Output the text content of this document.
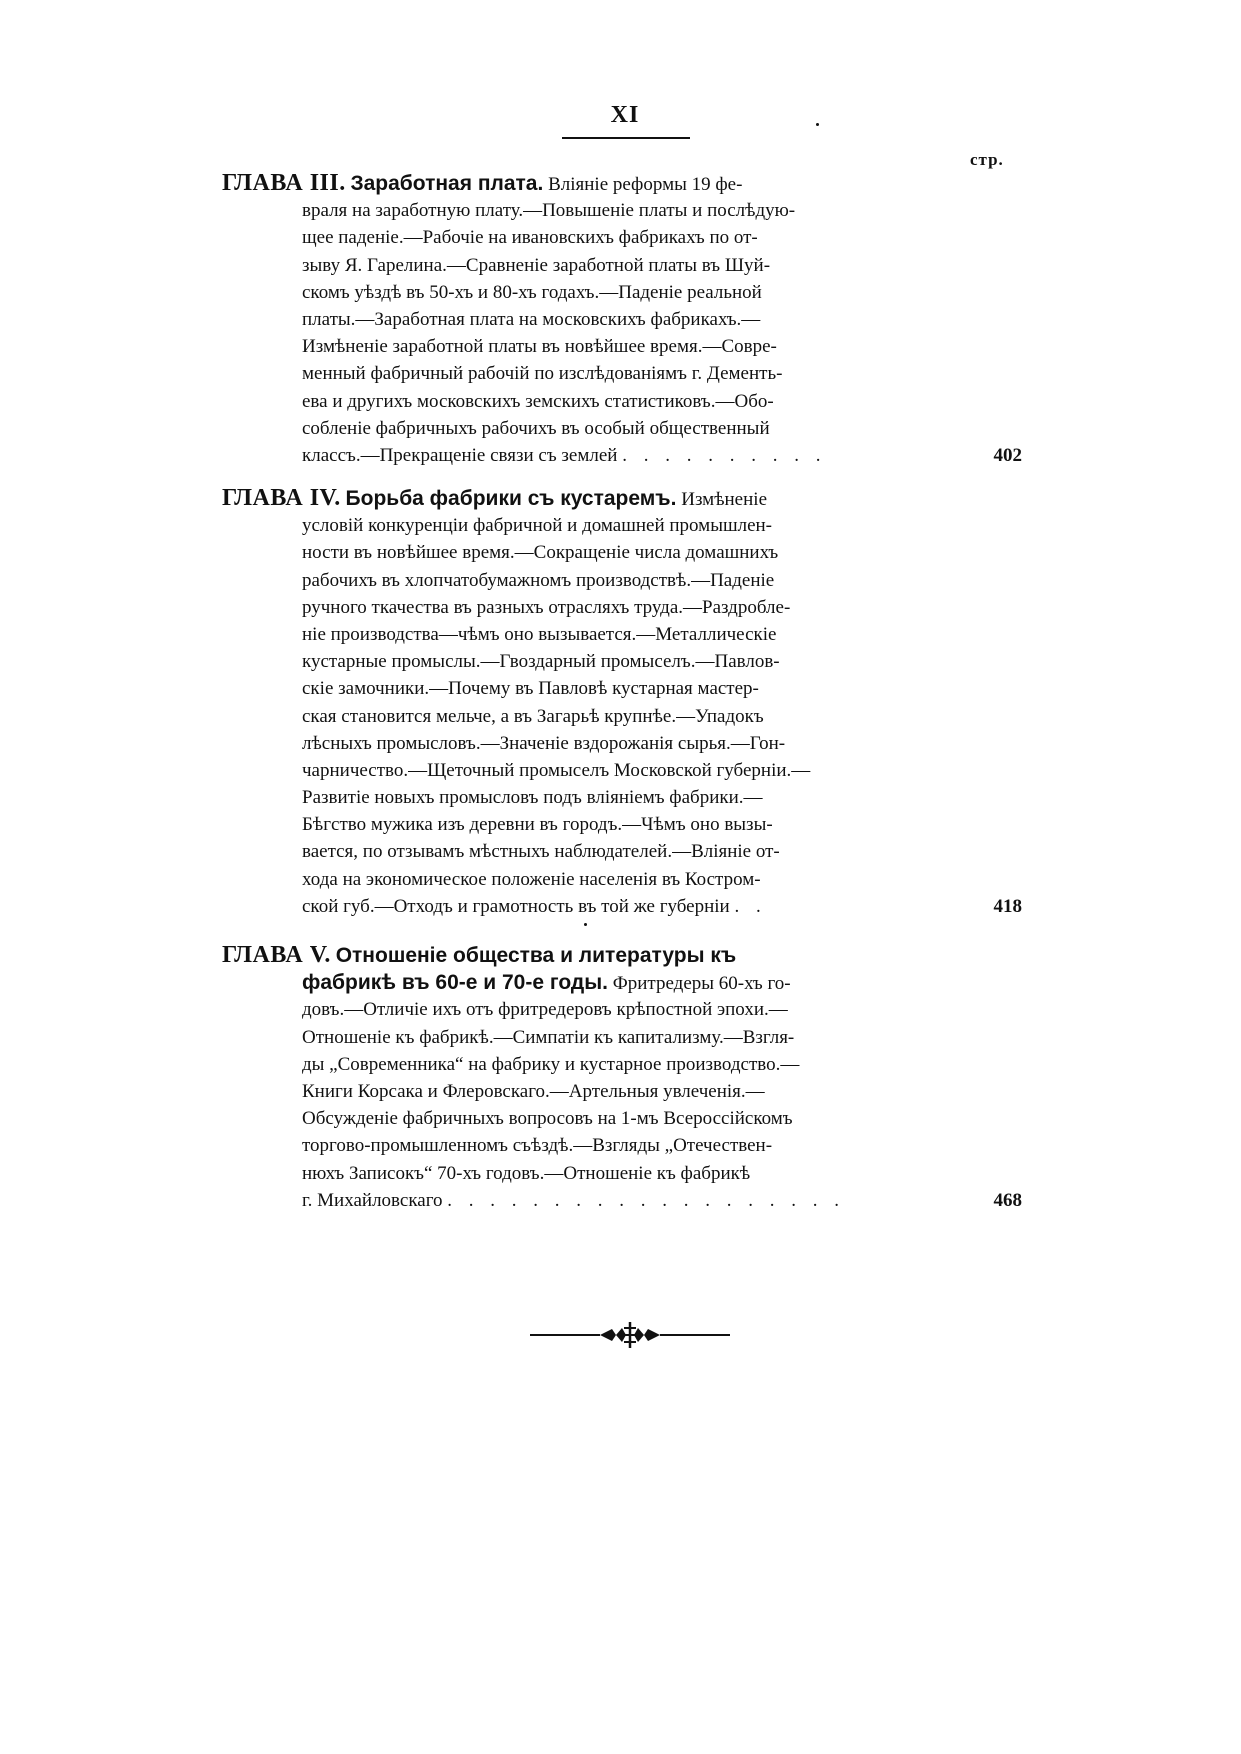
XI
стр.
ГЛАВА III. Заработная плата. Вліяніе реформы 19 фе-
враля на заработную плату.—Повышеніе платы и послѣдую-
щее паденіе.—Рабочіе на ивановскихъ фабрикахъ по от-
зыву Я. Гарелина.—Сравненіе заработной платы въ Шуй-
скомъ уѣздѣ въ 50-хъ и 80-хъ годахъ.—Паденіе реальной
платы.—Заработная плата на московскихъ фабрикахъ.—
Измѣненіе заработной платы въ новѣйшее время.—Совре-
менный фабричный рабочій по изслѣдованіямъ г. Дементь-
ева и другихъ московскихъ земскихъ статистиковъ.—Обо-
собленіе фабричныхъ рабочихъ въ особый общественный
классъ.—Прекращеніе связи съ землей . . . . . . . . . .	402
ГЛАВА IV. Борьба фабрики съ кустаремъ. Измѣненіе
условій конкуренціи фабричной и домашней промышлен-
ности въ новѣйшее время.—Сокращеніе числа домашнихъ
рабочихъ въ хлопчатобумажномъ производствѣ.—Паденіе
ручного ткачества въ разныхъ отрасляхъ труда.—Раздробле-
ніе производства—чѣмъ оно вызывается.—Металлическіе
кустарные промыслы.—Гвоздарный промыселъ.—Павлов-
скіе замочники.—Почему въ Павловѣ кустарная мастер-
ская становится мельче, а въ Загарьѣ крупнѣе.—Упадокъ
лѣсныхъ промысловъ.—Значеніе вздорожанія сырья.—Гон-
чарничество.—Щеточный промыселъ Московской губерніи.—
Развитіе новыхъ промысловъ подъ вліяніемъ фабрики.—
Бѣгство мужика изъ деревни въ городъ.—Чѣмъ оно вызы-
вается, по отзывамъ мѣстныхъ наблюдателей.—Вліяніе от-
хода на экономическое положеніе населенія въ Костром-
ской губ.—Отходъ и грамотность въ той же губерніи . .	418
ГЛАВА V. Отношеніе общества и литературы къ
фабрикѣ въ 60-е и 70-е годы. Фритредеры 60-хъ го-
довъ.—Отличіе ихъ отъ фритредеровъ крѣпостной эпохи.—
Отношеніе къ фабрикѣ.—Симпатіи къ капитализму.—Взгля-
ды „Современника“ на фабрику и кустарное производство.—
Книги Корсака и Флеровскаго.—Артельныя увлеченія.—
Обсужденіе фабричныхъ вопросовъ на 1-мъ Всероссійскомъ
торгово-промышленномъ съѣздѣ.—Взгляды „Отечествен-
нюхъ Записокъ“ 70-хъ годовъ.—Отношеніе къ фабрикѣ
г. Михайловскаго . . . . . . . . . . . . . . . . . . .	468
